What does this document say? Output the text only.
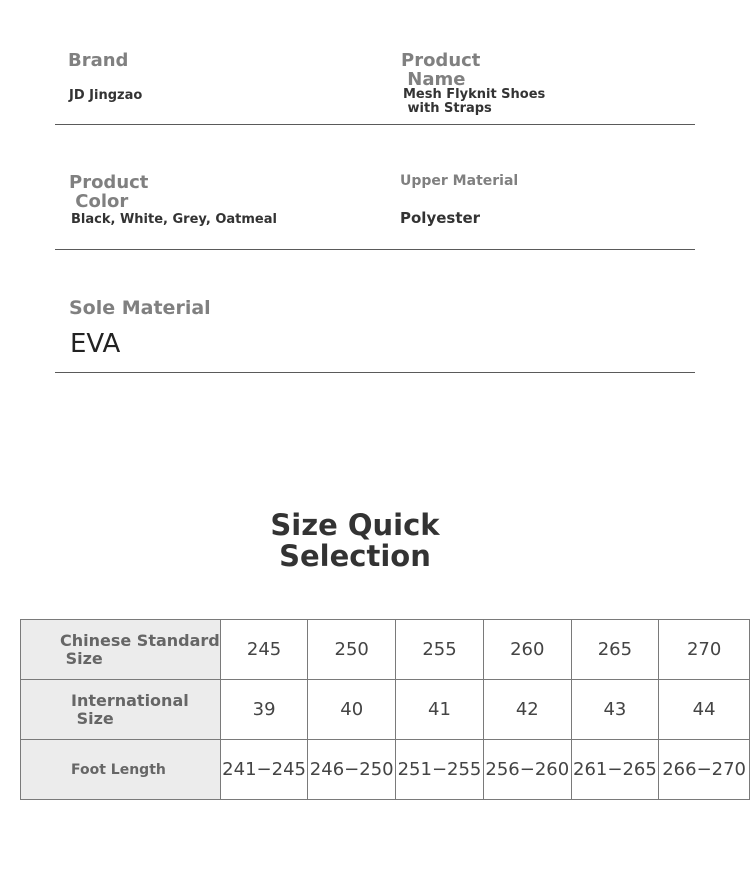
Brand
JD Jingzao
Product
Name
Mesh Flyknit Shoes
with Straps
Product
Color
Black, White, Grey, Oatmeal
Upper Material
Polyester
Sole Material
EVA
Size Quick
Selection
Chinese Standard
Size	245	250	255	260	265	270
International
Size	39	40	41	42	43	44
Foot Length	241−245	246−250	251−255	256−260	261−265	266−270
